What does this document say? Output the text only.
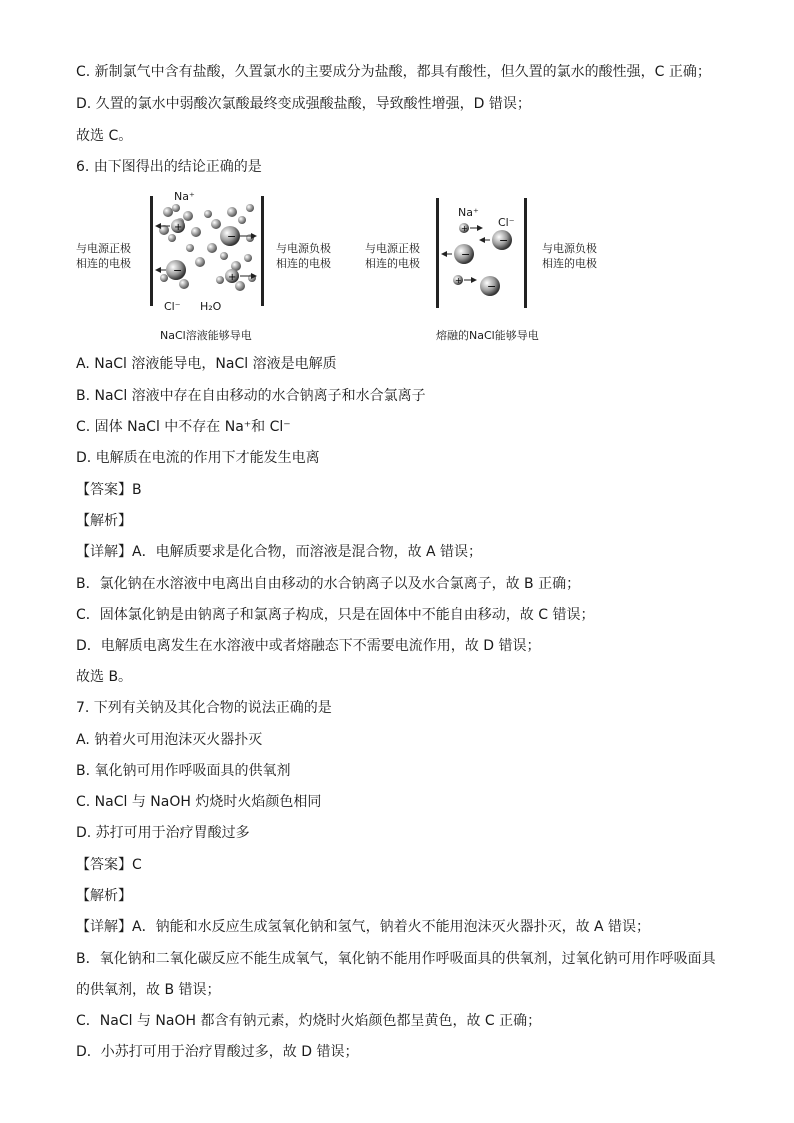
C. 新制氯气中含有盐酸，久置氯水的主要成分为盐酸，都具有酸性，但久置的氯水的酸性强，C 正确；
D. 久置的氯水中弱酸次氯酸最终变成强酸盐酸，导致酸性增强，D 错误；
故选 C。
6. 由下图得出的结论正确的是
与电源正极
相连的电极
与电源负极
相连的电极
+
−
−
+
Na⁺
Cl⁻ H₂O
NaCl溶液能够导电
与电源正极
相连的电极
与电源负极
相连的电极
+
−
−
+ −
Na⁺
Cl⁻
熔融的NaCl能够导电
A. NaCl 溶液能导电，NaCl 溶液是电解质
B. NaCl 溶液中存在自由移动的水合钠离子和水合氯离子
C. 固体 NaCl 中不存在 Na⁺和 Cl⁻
D. 电解质在电流的作用下才能发生电离
【答案】B
【解析】
【详解】A．电解质要求是化合物，而溶液是混合物，故 A 错误；
B．氯化钠在水溶液中电离出自由移动的水合钠离子以及水合氯离子，故 B 正确；
C．固体氯化钠是由钠离子和氯离子构成，只是在固体中不能自由移动，故 C 错误；
D．电解质电离发生在水溶液中或者熔融态下不需要电流作用，故 D 错误；
故选 B。
7. 下列有关钠及其化合物的说法正确的是
A. 钠着火可用泡沫灭火器扑灭
B. 氧化钠可用作呼吸面具的供氧剂
C. NaCl 与 NaOH 灼烧时火焰颜色相同
D. 苏打可用于治疗胃酸过多
【答案】C
【解析】
【详解】A．钠能和水反应生成氢氧化钠和氢气，钠着火不能用泡沫灭火器扑灭，故 A 错误；
B．氧化钠和二氧化碳反应不能生成氧气，氧化钠不能用作呼吸面具的供氧剂，过氧化钠可用作呼吸面具
的供氧剂，故 B 错误；
C．NaCl 与 NaOH 都含有钠元素，灼烧时火焰颜色都呈黄色，故 C 正确；
D．小苏打可用于治疗胃酸过多，故 D 错误；
